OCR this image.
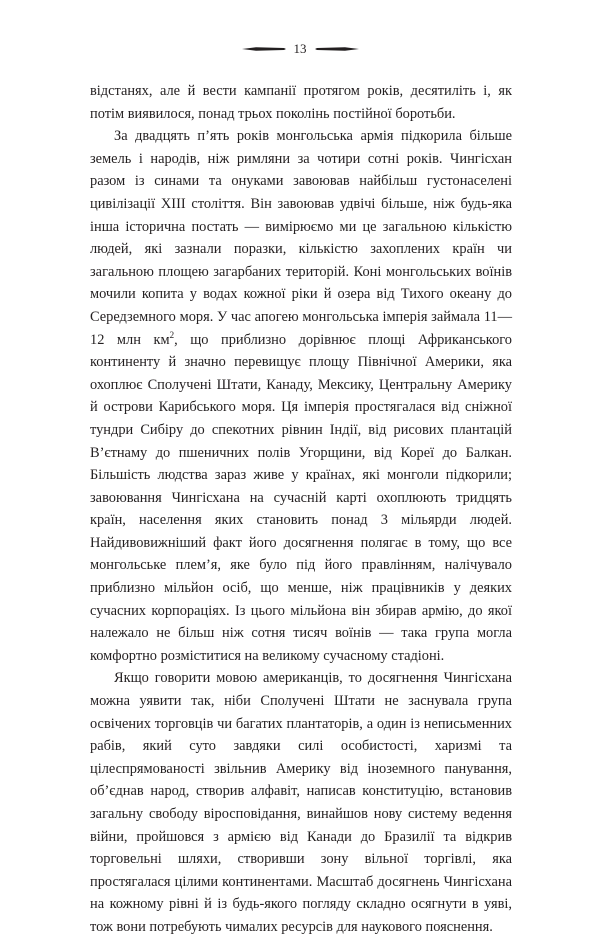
13

відстанях, але й вести кампанії протягом років, десятиліть і, як потім виявилося, понад трьох поколінь постійної боротьби.

За двадцять п’ять років монгольська армія підкорила більше земель і народів, ніж римляни за чотири сотні років. Чингісхан разом із синами та онуками завоював найбільш густонаселені цивілізації XIII століття. Він завоював удвічі більше, ніж будь-яка інша історична постать — вимірюємо ми це загальною кількістю людей, які зазнали поразки, кількістю захоплених країн чи загальною площею загарбаних територій. Коні монгольських воїнів мочили копита у водах кожної ріки й озера від Тихого океану до Середземного моря. У час апогею монгольська імперія займала 11—12 млн $км^2$, що приблизно дорівнює площі Африканського континенту й значно перевищує площу Північної Америки, яка охоплює Сполучені Штати, Канаду, Мексику, Центральну Америку й острови Карибського моря. Ця імперія простягалася від сніжної тундри Сибіру до спекотних рівнин Індії, від рисових плантацій В’єтнаму до пшеничних полів Угорщини, від Кореї до Балкан. Більшість людства зараз живе у країнах, які монголи підкорили; завоювання Чингісхана на сучасній карті охоплюють тридцять країн, населення яких становить понад 3 мільярди людей. Найдивовижніший факт його досягнення полягає в тому, що все монгольське плем’я, яке було під його правлінням, налічувало приблизно мільйон осіб, що менше, ніж працівників у деяких сучасних корпораціях. Із цього мільйона він збирав армію, до якої належало не більш ніж сотня тисяч воїнів — така група могла комфортно розміститися на великому сучасному стадіоні.

Якщо говорити мовою американців, то досягнення Чингісхана можна уявити так, ніби Сполучені Штати не заснувала група освічених торговців чи багатих плантаторів, а один із неписьменних рабів, який суто завдяки силі особистості, харизмі та цілеспрямованості звільнив Америку від іноземного панування, об’єднав народ, створив алфавіт, написав конституцію, встановив загальну свободу віросповідання, винайшов нову систему ведення війни, пройшовся з армією від Канади до Бразилії та відкрив торговельні шляхи, створивши зону вільної торгівлі, яка простягалася цілими континентами. Масштаб досягнень Чингісхана на кожному рівні й із будь-якого погляду складно осягнути в уяві, тож вони потребують чималих ресурсів для наукового пояснення.
